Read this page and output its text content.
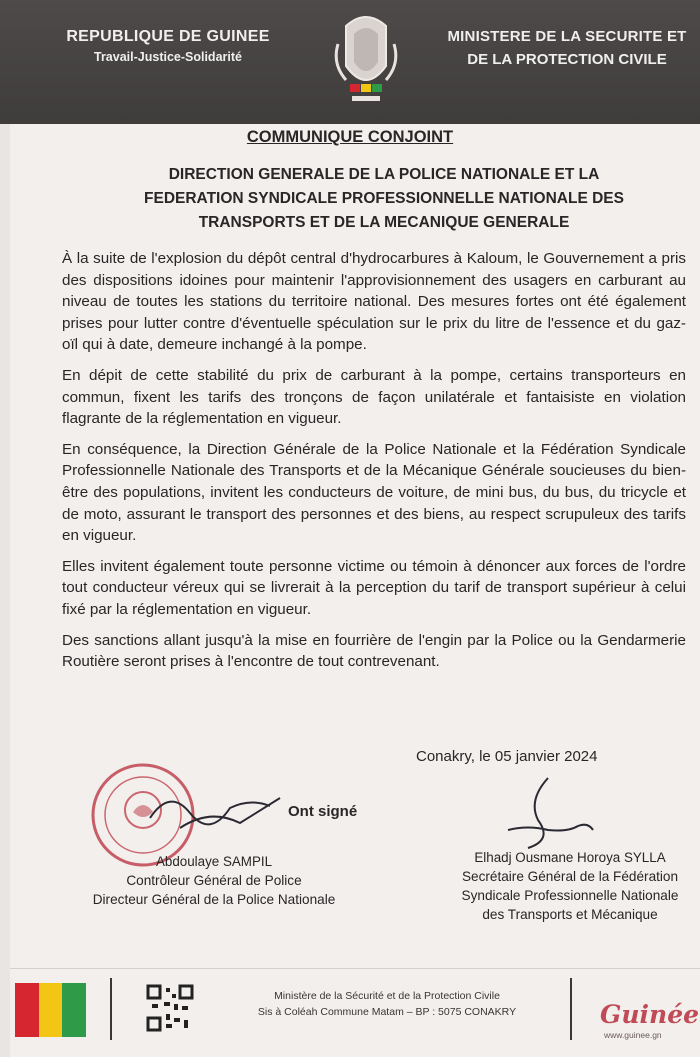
REPUBLIQUE DE GUINEE
Travail-Justice-Solidarité
MINISTERE DE LA SECURITE ET
DE LA PROTECTION CIVILE
COMMUNIQUE CONJOINT
DIRECTION GENERALE DE LA POLICE NATIONALE ET LA FEDERATION SYNDICALE PROFESSIONNELLE NATIONALE DES TRANSPORTS ET DE LA MECANIQUE GENERALE

À la suite de l'explosion du dépôt central d'hydrocarbures à Kaloum, le Gouvernement a pris des dispositions idoines pour maintenir l'approvisionnement des usagers en carburant au niveau de toutes les stations du territoire national. Des mesures fortes ont été également prises pour lutter contre d'éventuelle spéculation sur le prix du litre de l'essence et du gaz- oïl qui à date, demeure inchangé à la pompe.

En dépit de cette stabilité du prix de carburant à la pompe, certains transporteurs en commun, fixent les tarifs des tronçons de façon unilatérale et fantaisiste en violation flagrante de la réglementation en vigueur.

En conséquence, la Direction Générale de la Police Nationale et la Fédération Syndicale Professionnelle Nationale des Transports et de la Mécanique Générale soucieuses du bien-être des populations, invitent les conducteurs de voiture, de mini bus, du bus, du tricycle et de moto, assurant le transport des personnes et des biens, au respect scrupuleux des tarifs en vigueur.

Elles invitent également toute personne victime ou témoin à dénoncer aux forces de l'ordre tout conducteur véreux qui se livrerait à la perception du tarif de transport supérieur à celui fixé par la réglementation en vigueur.

Des sanctions allant jusqu'à la mise en fourrière de l'engin par la Police ou la Gendarmerie Routière seront prises à l'encontre de tout contrevenant.

Conakry, le 05 janvier 2024
Ont signé
Abdoulaye SAMPIL
Contrôleur Général de Police
Directeur Général de la Police Nationale
Elhadj Ousmane Horoya SYLLA
Secrétaire Général de la Fédération
Syndicale Professionnelle Nationale
des Transports et Mécanique
Ministère de la Sécurité et de la Protection Civile
Sis à Coléah Commune Matam – BP : 5075 CONAKRY	Guinée
www.guinee.gn
